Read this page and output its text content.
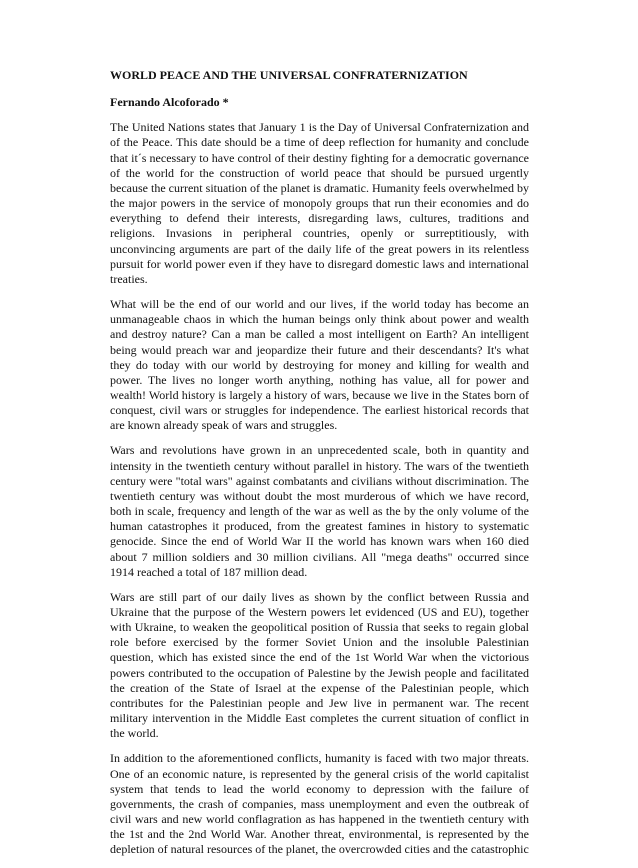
WORLD PEACE AND THE UNIVERSAL CONFRATERNIZATION
Fernando Alcoforado *

The United Nations states that January 1 is the Day of Universal Confraternization and of the Peace. This date should be a time of deep reflection for humanity and conclude that it´s necessary to have control of their destiny fighting for a democratic governance of the world for the construction of world peace that should be pursued urgently because the current situation of the planet is dramatic. Humanity feels overwhelmed by the major powers in the service of monopoly groups that run their economies and do everything to defend their interests, disregarding laws, cultures, traditions and religions. Invasions in peripheral countries, openly or surreptitiously, with unconvincing arguments are part of the daily life of the great powers in its relentless pursuit for world power even if they have to disregard domestic laws and international treaties.

What will be the end of our world and our lives, if the world today has become an unmanageable chaos in which the human beings only think about power and wealth and destroy nature? Can a man be called a most intelligent on Earth? An intelligent being would preach war and jeopardize their future and their descendants? It's what they do today with our world by destroying for money and killing for wealth and power. The lives no longer worth anything, nothing has value, all for power and wealth! World history is largely a history of wars, because we live in the States born of conquest, civil wars or struggles for independence. The earliest historical records that are known already speak of wars and struggles.

Wars and revolutions have grown in an unprecedented scale, both in quantity and intensity in the twentieth century without parallel in history. The wars of the twentieth century were "total wars" against combatants and civilians without discrimination. The twentieth century was without doubt the most murderous of which we have record, both in scale, frequency and length of the war as well as the by the only volume of the human catastrophes it produced, from the greatest famines in history to systematic genocide. Since the end of World War II the world has known wars when 160 died about 7 million soldiers and 30 million civilians. All "mega deaths" occurred since 1914 reached a total of 187 million dead.

Wars are still part of our daily lives as shown by the conflict between Russia and Ukraine that the purpose of the Western powers let evidenced (US and EU), together with Ukraine, to weaken the geopolitical position of Russia that seeks to regain global role before exercised by the former Soviet Union and the insoluble Palestinian question, which has existed since the end of the 1st World War when the victorious powers contributed to the occupation of Palestine by the Jewish people and facilitated the creation of the State of Israel at the expense of the Palestinian people, which contributes for the Palestinian people and Jew live in permanent war. The recent military intervention in the Middle East completes the current situation of conflict in the world.

In addition to the aforementioned conflicts, humanity is faced with two major threats. One of an economic nature, is represented by the general crisis of the world capitalist system that tends to lead the world economy to depression with the failure of governments, the crash of companies, mass unemployment and even the outbreak of civil wars and new world conflagration as has happened in the twentieth century with the 1st and the 2nd World War. Another threat, environmental, is represented by the depletion of natural resources of the planet, the overcrowded cities and the catastrophic
